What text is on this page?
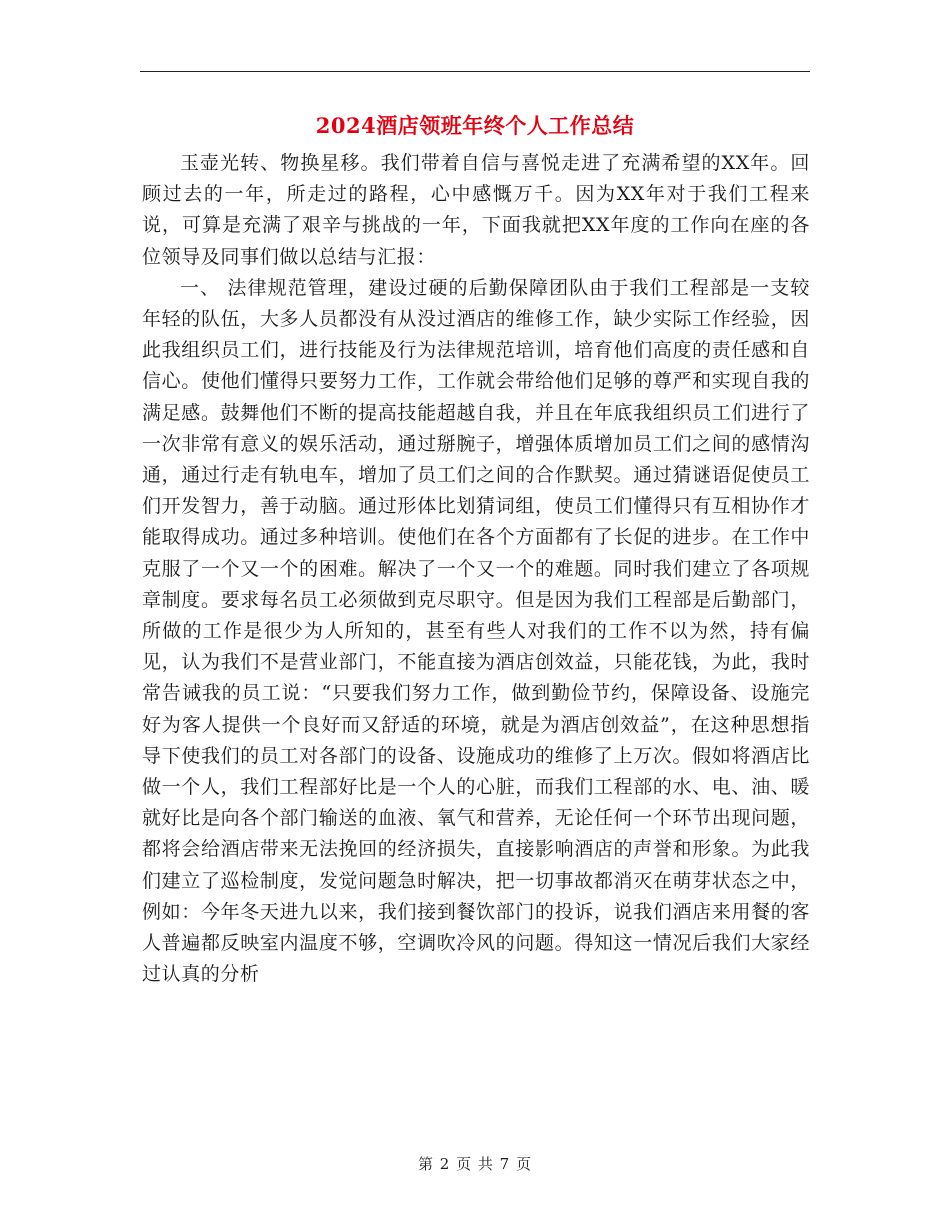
2024酒店领班年终个人工作总结

玉壶光转、物换星移。我们带着自信与喜悦走进了充满希望的XX年。回顾过去的一年，所走过的路程，心中感慨万千。因为XX年对于我们工程来说，可算是充满了艰辛与挑战的一年，下面我就把XX年度的工作向在座的各位领导及同事们做以总结与汇报：

一、 法律规范管理，建设过硬的后勤保障团队由于我们工程部是一支较年轻的队伍，大多人员都没有从没过酒店的维修工作，缺少实际工作经验，因此我组织员工们，进行技能及行为法律规范培训，培育他们高度的责任感和自信心。使他们懂得只要努力工作，工作就会带给他们足够的尊严和实现自我的满足感。鼓舞他们不断的提高技能超越自我，并且在年底我组织员工们进行了一次非常有意义的娱乐活动，通过掰腕子，增强体质增加员工们之间的感情沟通，通过行走有轨电车，增加了员工们之间的合作默契。通过猜谜语促使员工们开发智力，善于动脑。通过形体比划猜词组，使员工们懂得只有互相协作才能取得成功。通过多种培训。使他们在各个方面都有了长促的进步。在工作中克服了一个又一个的困难。解决了一个又一个的难题。同时我们建立了各项规章制度。要求每名员工必须做到克尽职守。但是因为我们工程部是后勤部门，所做的工作是很少为人所知的，甚至有些人对我们的工作不以为然，持有偏见，认为我们不是营业部门，不能直接为酒店创效益，只能花钱，为此，我时常告诫我的员工说：“只要我们努力工作，做到勤俭节约，保障设备、设施完好为客人提供一个良好而又舒适的环境，就是为酒店创效益”，在这种思想指导下使我们的员工对各部门的设备、设施成功的维修了上万次。假如将酒店比做一个人，我们工程部好比是一个人的心脏，而我们工程部的水、电、油、暖就好比是向各个部门输送的血液、氧气和营养，无论任何一个环节出现问题，都将会给酒店带来无法挽回的经济损失，直接影响酒店的声誉和形象。为此我们建立了巡检制度，发觉问题急时解决，把一切事故都消灭在萌芽状态之中，例如：今年冬天进九以来，我们接到餐饮部门的投诉，说我们酒店来用餐的客人普遍都反映室内温度不够，空调吹冷风的问题。得知这一情况后我们大家经过认真的分析

第 2 页 共 7 页
